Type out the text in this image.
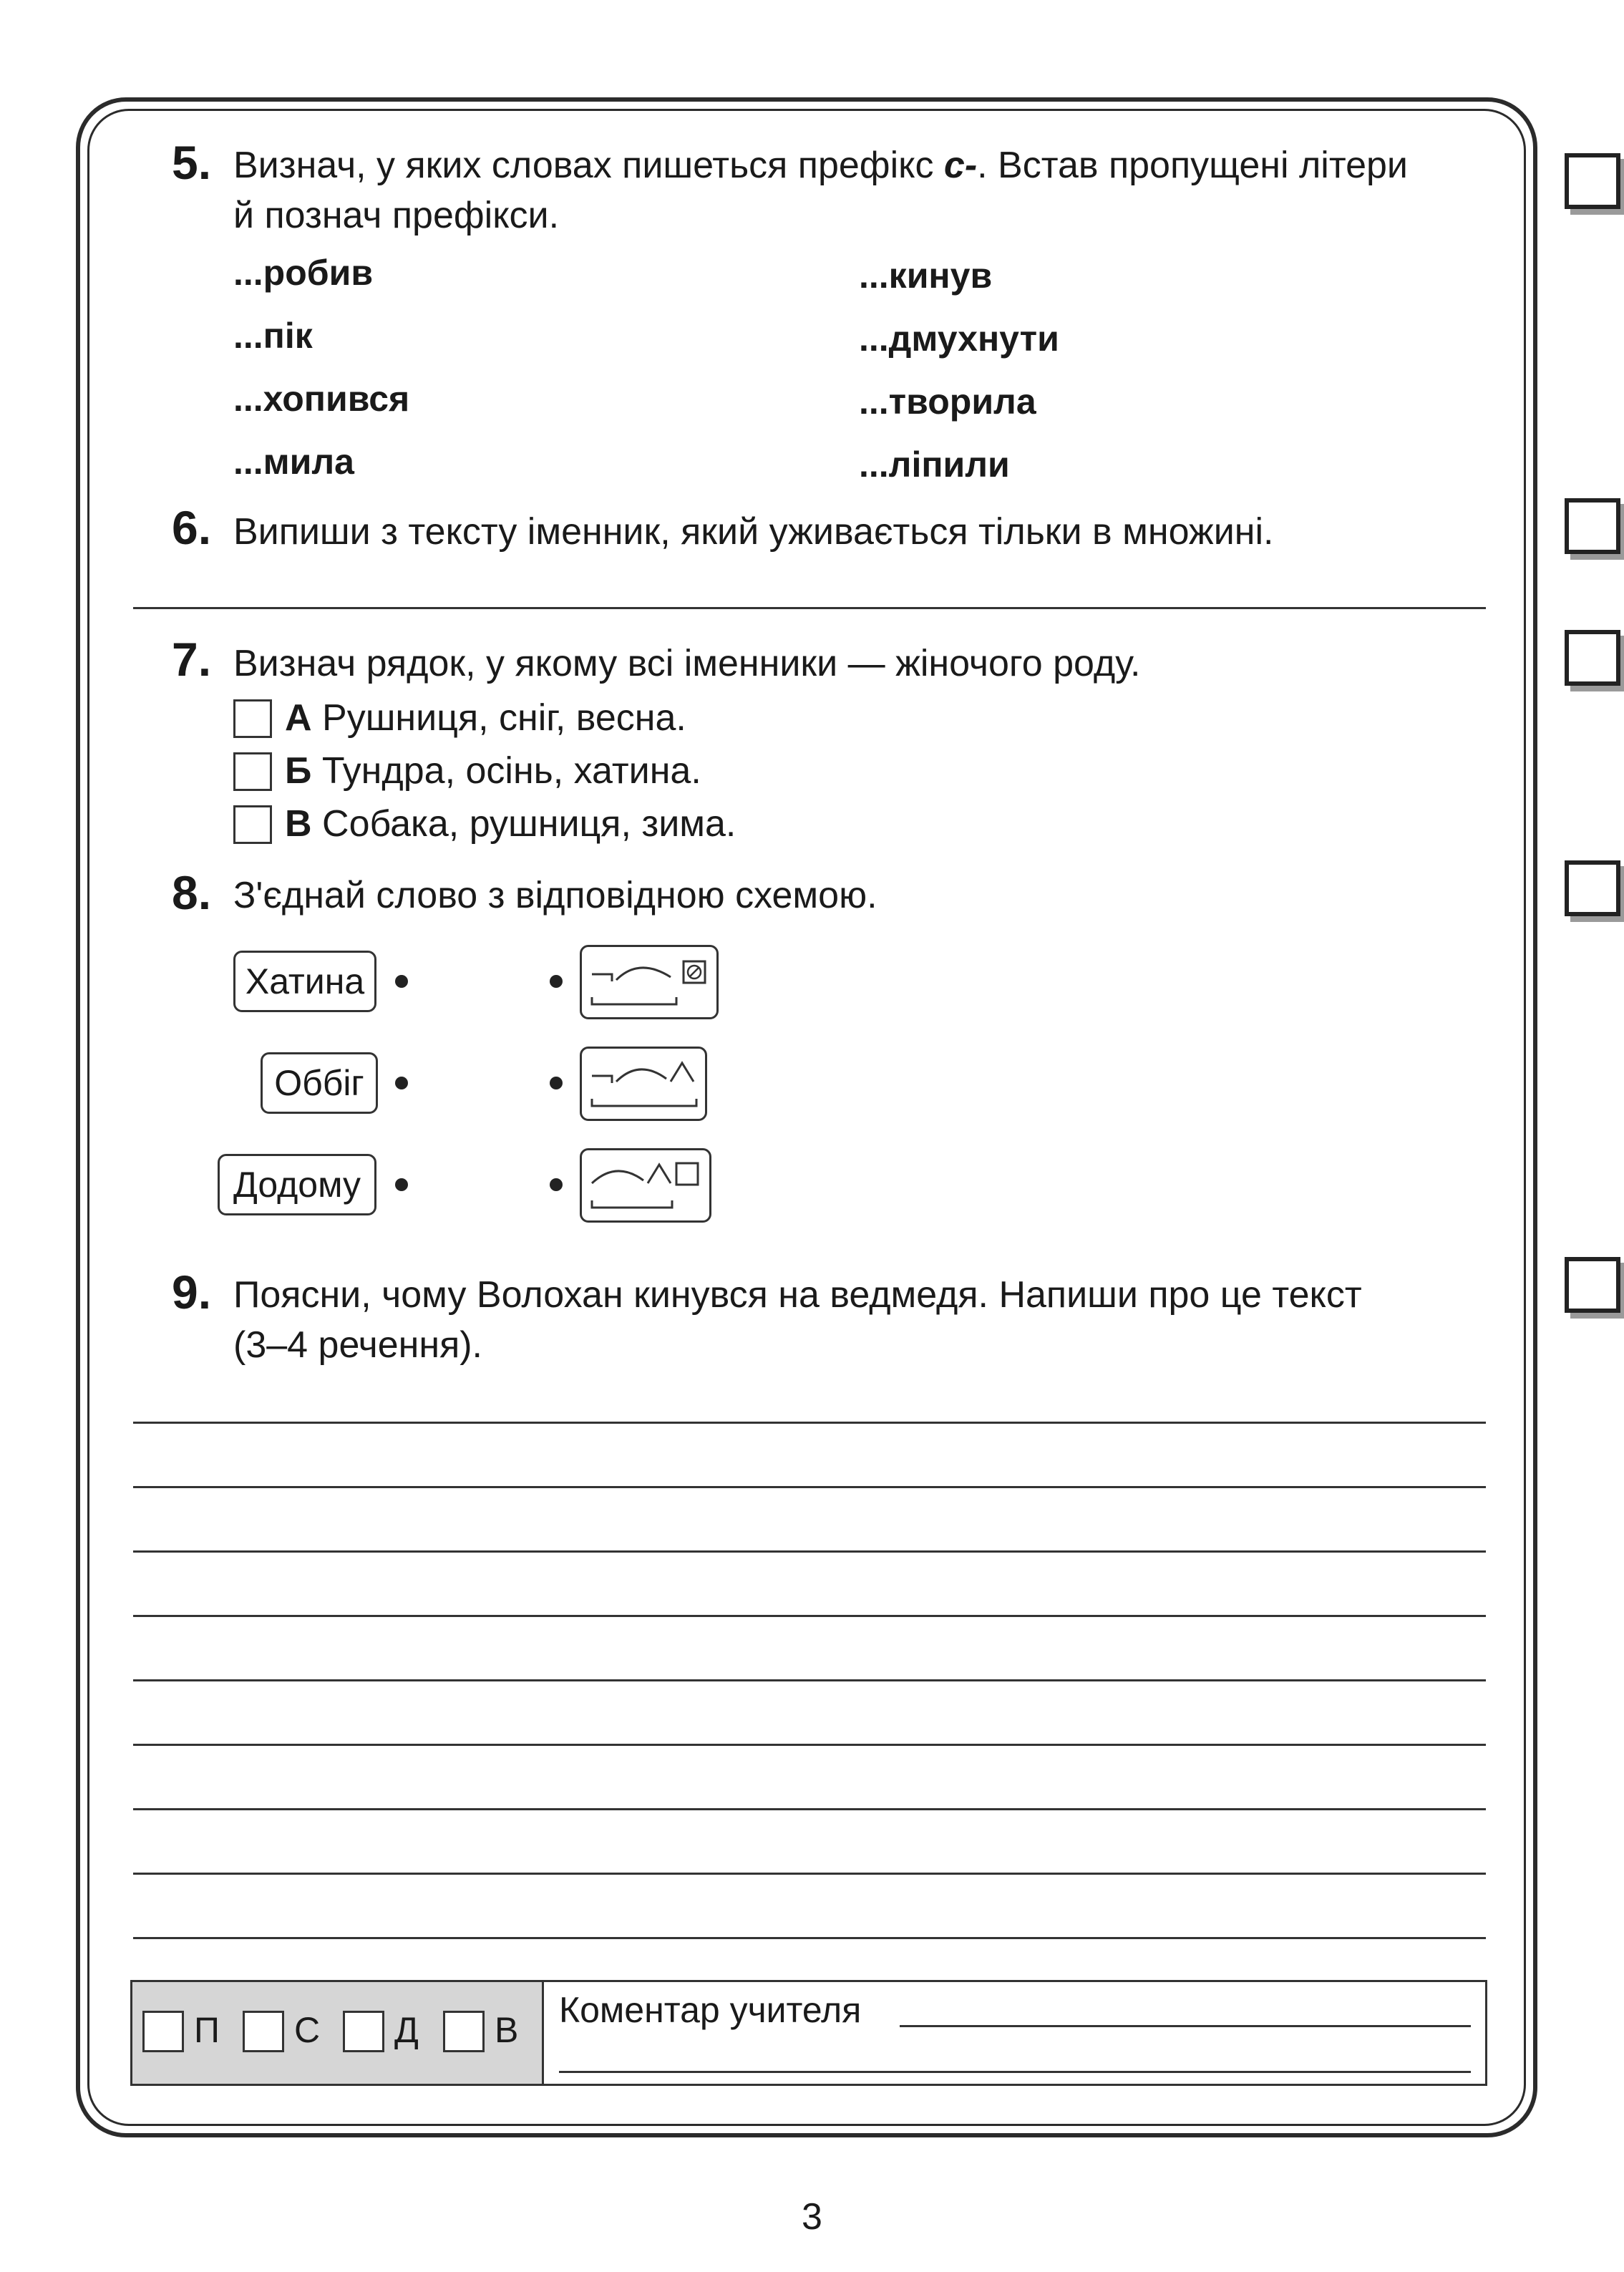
5. Визнач, у яких словах пишеться префікс с-. Встав пропущені літери
й познач префікси.
...робив
...пік
...хопився
...мила
...кинув
...дмухнути
...творила
...ліпили
6. Випиши з тексту іменник, який уживається тільки в множині.
7. Визнач рядок, у якому всі іменники — жіночого роду.
А Рушниця, сніг, весна.
Б Тундра, осінь, хатина.
В Собака, рушниця, зима.
8. З'єднай слово з відповідною схемою.
Хатина
Оббіг
Додому
9. Поясни, чому Волохан кинувся на ведмедя. Напиши про це текст
(3–4 речення).
П С Д В Коментар учителя
3
